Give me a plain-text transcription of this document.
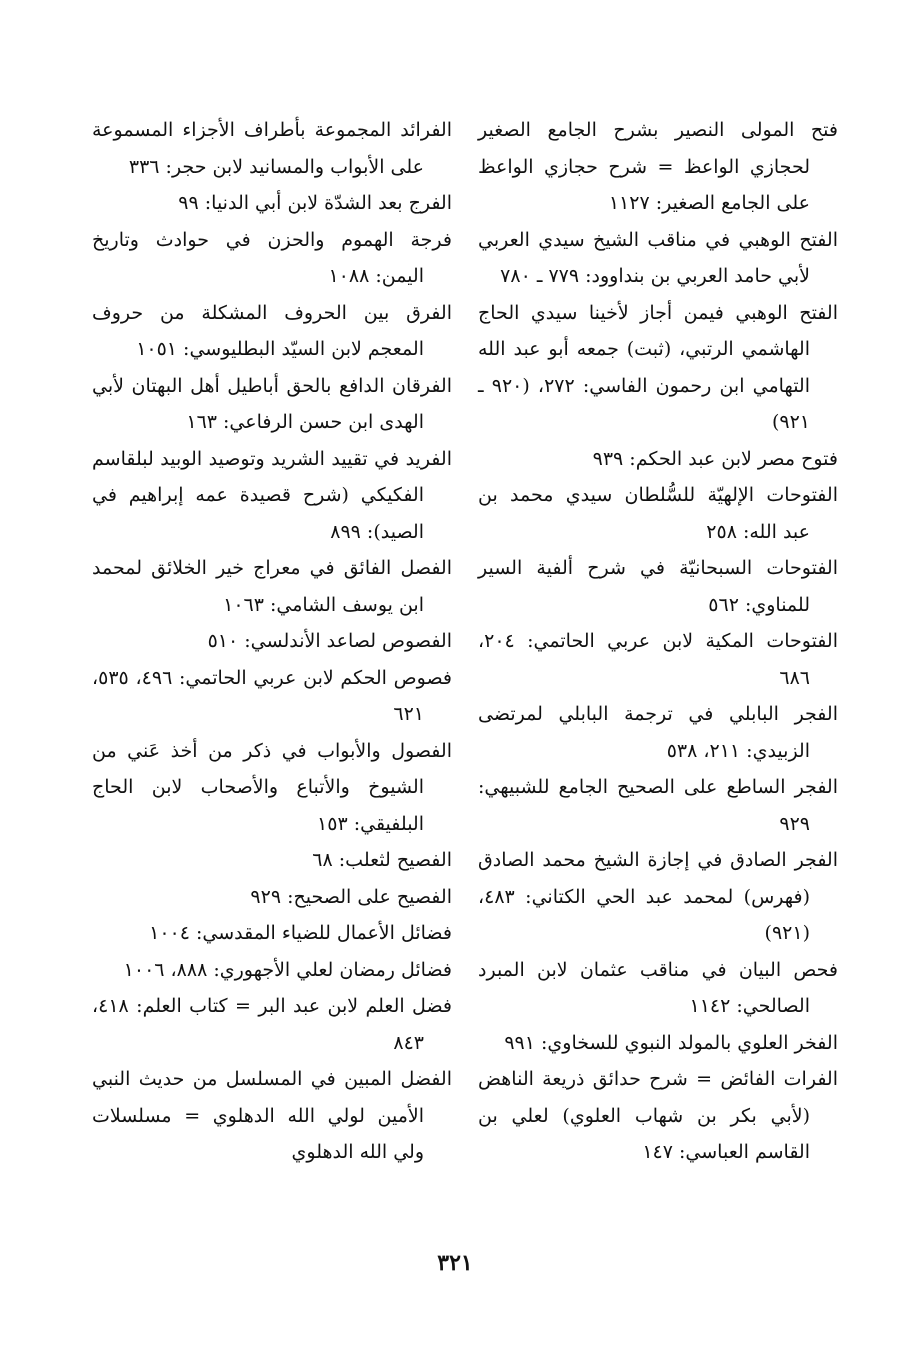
فتح المولى النصير بشرح الجامع الصغير لحجازي الواعظ = شرح حجازي الواعظ على الجامع الصغير: ١١٢٧

الفتح الوهبي في مناقب الشيخ سيدي العربي لأبي حامد العربي بن بنداوود: ٧٧٩ ـ ٧٨٠

الفتح الوهبي فيمن أجاز لأخينا سيدي الحاج الهاشمي الرتبي، (ثبت) جمعه أبو عبد الله التهامي ابن رحمون الفاسي: ٢٧٢، (٩٢٠ ـ ٩٢١)

فتوح مصر لابن عبد الحكم: ٩٣٩

الفتوحات الإلهيّة للسُّلطان سيدي محمد بن عبد الله: ٢٥٨

الفتوحات السبحانيّة في شرح ألفية السير للمناوي: ٥٦٢

الفتوحات المكية لابن عربي الحاتمي: ٢٠٤، ٦٨٦

الفجر البابلي في ترجمة البابلي لمرتضى الزبيدي: ٢١١، ٥٣٨

الفجر الساطع على الصحيح الجامع للشبيهي: ٩٢٩

الفجر الصادق في إجازة الشيخ محمد الصادق (فهرس) لمحمد عبد الحي الكتاني: ٤٨٣، (٩٢١)

فحص البيان في مناقب عثمان لابن المبرد الصالحي: ١١٤٢

الفخر العلوي بالمولد النبوي للسخاوي: ٩٩١

الفرات الفائض = شرح حدائق ذريعة الناهض (لأبي بكر بن شهاب العلوي) لعلي بن القاسم العباسي: ١٤٧

الفرائد المجموعة بأطراف الأجزاء المسموعة على الأبواب والمسانيد لابن حجر: ٣٣٦

الفرج بعد الشدّة لابن أبي الدنيا: ٩٩

فرجة الهموم والحزن في حوادث وتاريخ اليمن: ١٠٨٨

الفرق بين الحروف المشكلة من حروف المعجم لابن السيّد البطليوسي: ١٠٥١

الفرقان الدافع بالحق أباطيل أهل البهتان لأبي الهدى ابن حسن الرفاعي: ١٦٣

الفريد في تقييد الشريد وتوصيد الوبيد لبلقاسم الفكيكي (شرح قصيدة عمه إبراهيم في الصيد): ٨٩٩

الفصل الفائق في معراج خير الخلائق لمحمد ابن يوسف الشامي: ١٠٦٣

الفصوص لصاعد الأندلسي: ٥١٠

فصوص الحكم لابن عربي الحاتمي: ٤٩٦، ٥٣٥، ٦٢١

الفصول والأبواب في ذكر من أخذ عَني من الشيوخ والأتباع والأصحاب لابن الحاج البلفيقي: ١٥٣

الفصيح لثعلب: ٦٨

الفصيح على الصحيح: ٩٢٩

فضائل الأعمال للضياء المقدسي: ١٠٠٤

فضائل رمضان لعلي الأجهوري: ٨٨٨، ١٠٠٦

فضل العلم لابن عبد البر = كتاب العلم: ٤١٨، ٨٤٣

الفضل المبين في المسلسل من حديث النبي الأمين لولي الله الدهلوي = مسلسلات ولي الله الدهلوي

٣٢١
